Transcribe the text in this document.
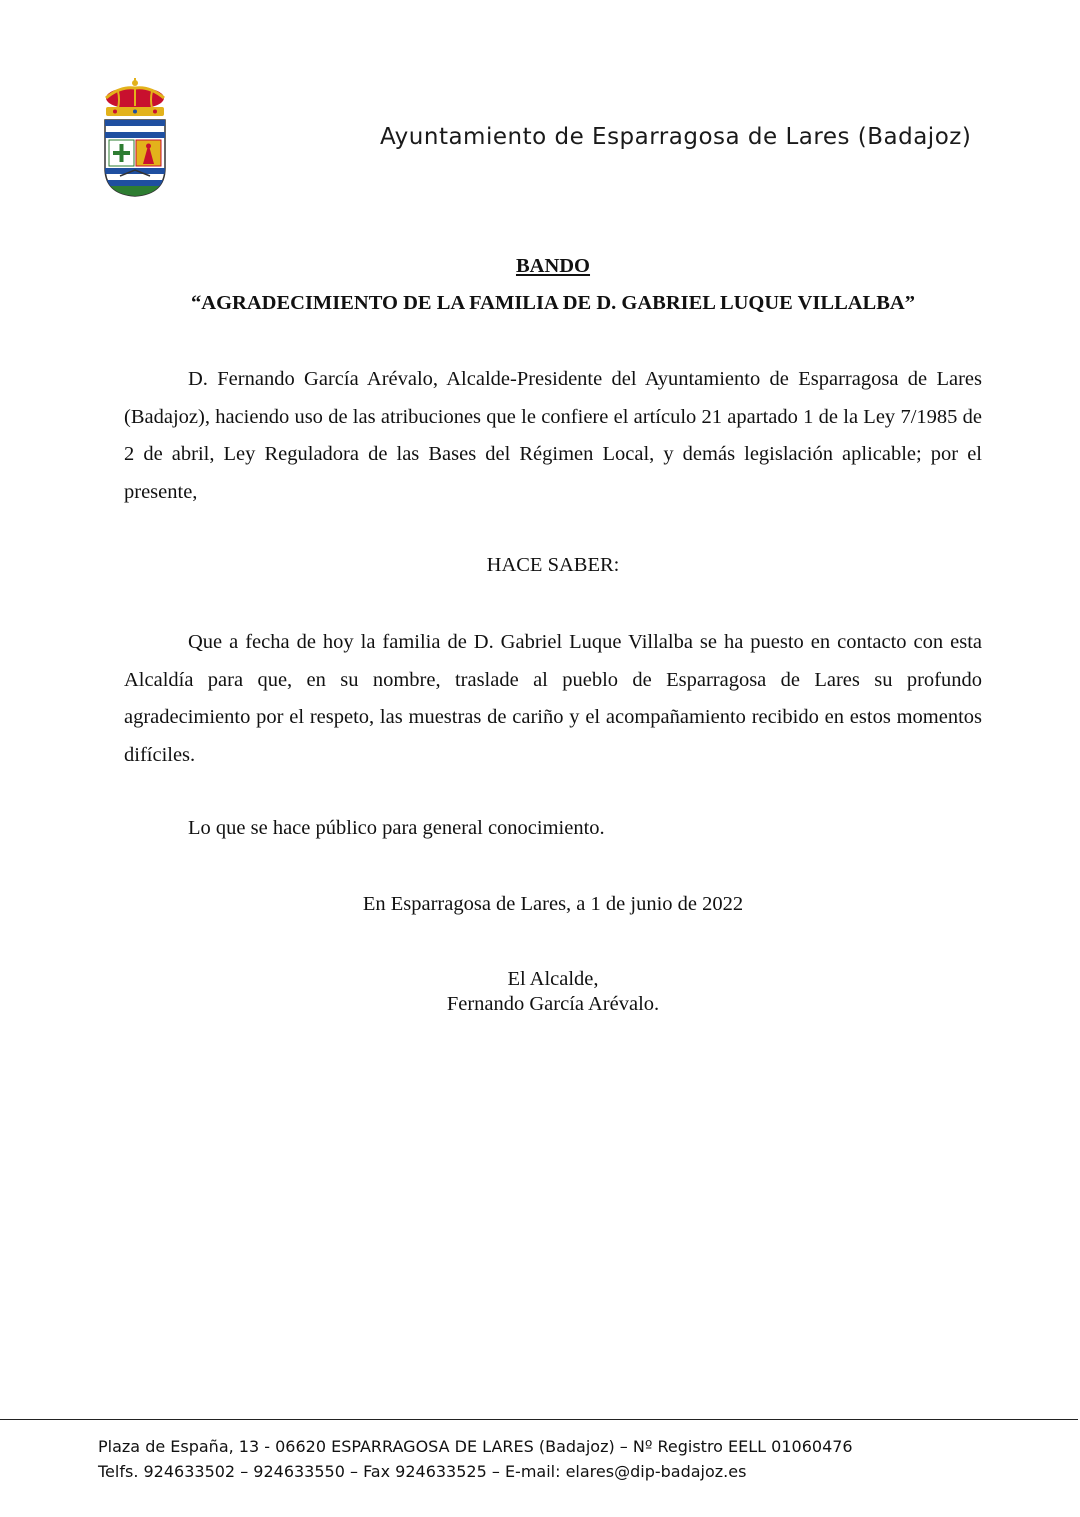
Ayuntamiento de Esparragosa de Lares (Badajoz)
BANDO
“AGRADECIMIENTO DE LA FAMILIA DE D. GABRIEL LUQUE VILLALBA”
D. Fernando García Arévalo, Alcalde-Presidente del Ayuntamiento de Esparragosa de Lares (Badajoz), haciendo uso de las atribuciones que le confiere el artículo 21 apartado 1 de la Ley 7/1985 de 2 de abril, Ley Reguladora de las Bases del Régimen Local, y demás legislación aplicable; por el presente,
HACE SABER:
Que a fecha de hoy la familia de D. Gabriel Luque Villalba se ha puesto en contacto con esta Alcaldía para que, en su nombre, traslade al pueblo de Esparragosa de Lares su profundo agradecimiento por el respeto, las muestras de cariño y el acompañamiento recibido en estos momentos difíciles.
Lo que se hace público para general conocimiento.
En Esparragosa de Lares, a 1 de junio de 2022
El Alcalde,
Fernando García Arévalo.
Plaza de España, 13 - 06620 ESPARRAGOSA DE LARES (Badajoz) – Nº Registro EELL 01060476
Telfs. 924633502 – 924633550 – Fax 924633525 – E-mail: elares@dip-badajoz.es
